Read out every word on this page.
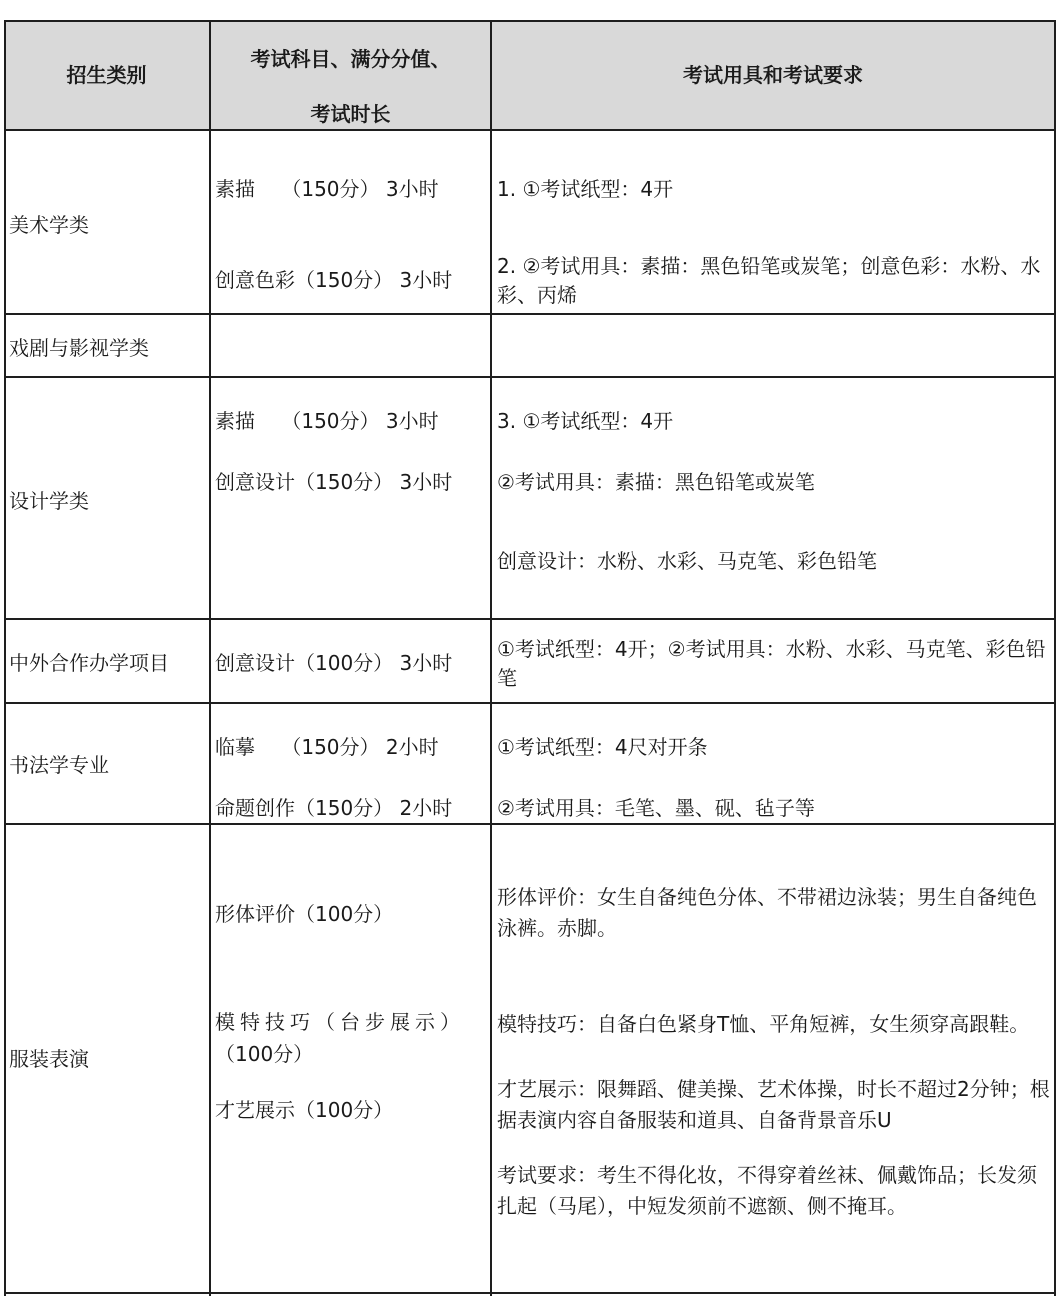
招生类别
考试科目、满分分值、
考试时长
考试用具和考试要求
美术学类
素描　 （150分） 3小时
创意色彩（150分） 3小时
1. ①考试纸型：4开
2. ②考试用具：素描：黑色铅笔或炭笔；创意色彩：水粉、水彩、丙烯
戏剧与影视学类
设计学类
素描　 （150分） 3小时
创意设计（150分） 3小时
3. ①考试纸型：4开
②考试用具：素描：黑色铅笔或炭笔
创意设计：水粉、水彩、马克笔、彩色铅笔
中外合作办学项目 创意设计（100分） 3小时
①考试纸型：4开；②考试用具：水粉、水彩、马克笔、彩色铅笔
书法学专业
临摹　 （150分） 2小时
命题创作（150分） 2小时
①考试纸型：4尺对开条
②考试用具：毛笔、墨、砚、毡子等
服装表演
形体评价（100分）
模特技巧（台步展示）
（100分）
才艺展示（100分）
形体评价：女生自备纯色分体、不带裙边泳装；男生自备纯色泳裤。赤脚。
模特技巧：自备白色紧身T恤、平角短裤，女生须穿高跟鞋。
才艺展示：限舞蹈、健美操、艺术体操，时长不超过2分钟；根据表演内容自备服装和道具、自备背景音乐U
考试要求：考生不得化妆，不得穿着丝袜、佩戴饰品；长发须扎起（马尾），中短发须前不遮额、侧不掩耳。
